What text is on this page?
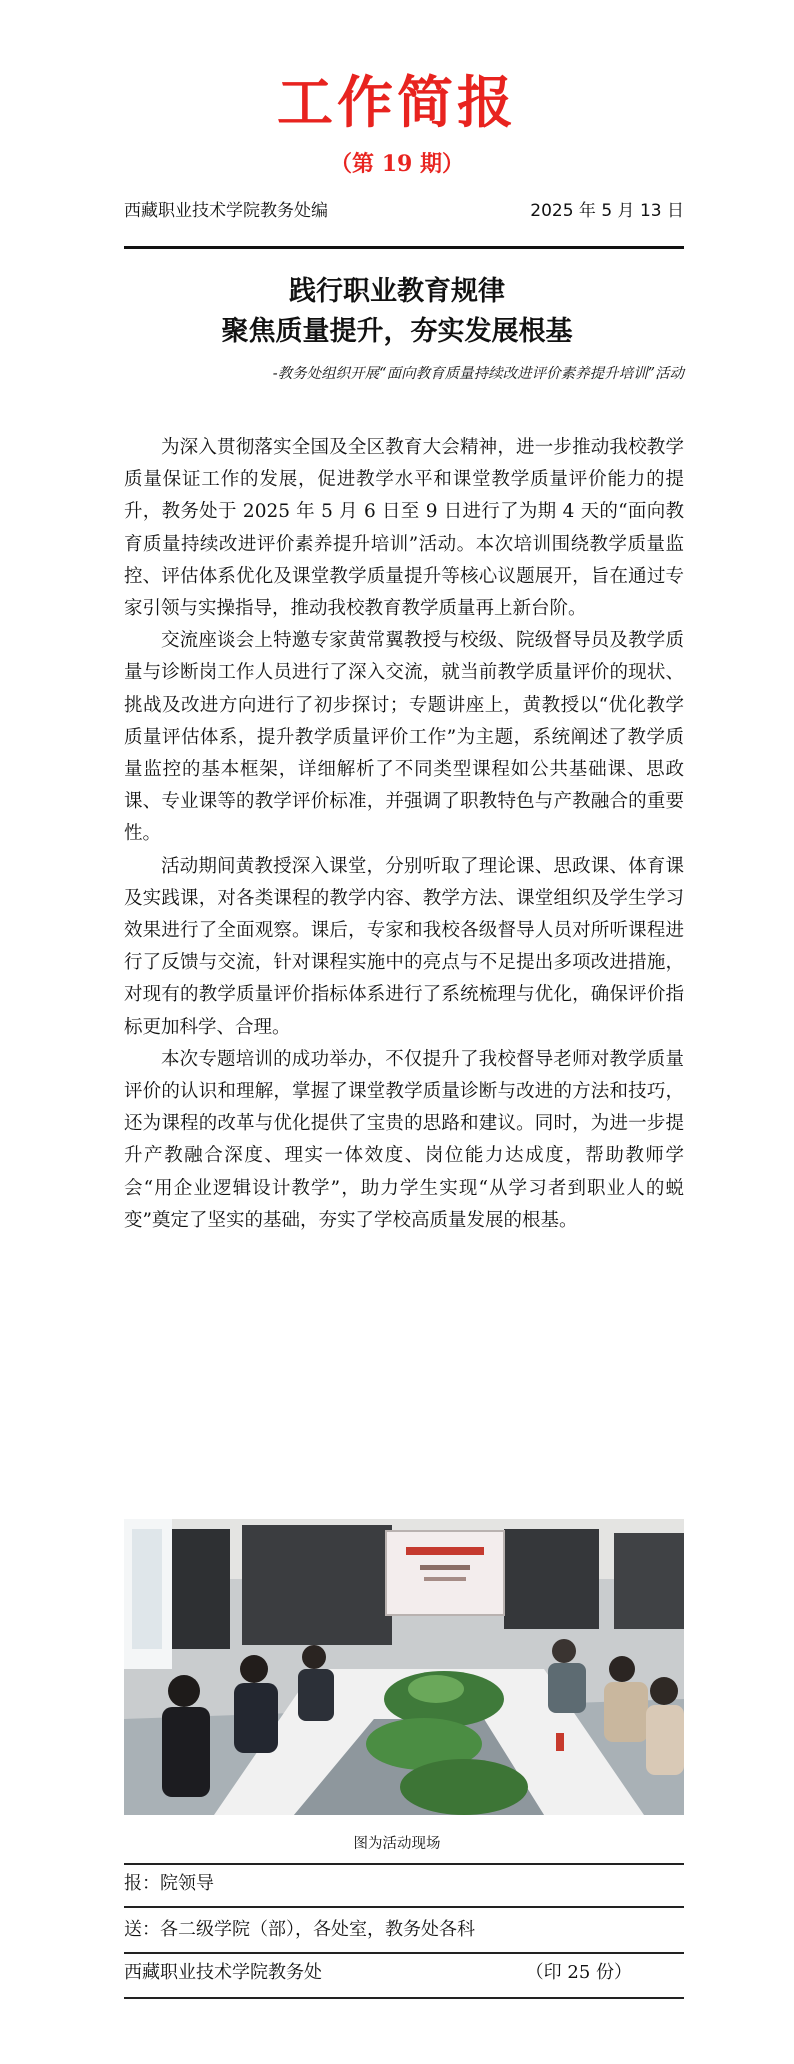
工作简报
（第 19 期）
西藏职业技术学院教务处编	2025 年 5 月 13 日
践行职业教育规律
聚焦质量提升，夯实发展根基
-教务处组织开展“面向教育质量持续改进评价素养提升培训”活动

为深入贯彻落实全国及全区教育大会精神，进一步推动我校教学质量保证工作的发展，促进教学水平和课堂教学质量评价能力的提升，教务处于 2025 年 5 月 6 日至 9 日进行了为期 4 天的“面向教育质量持续改进评价素养提升培训”活动。本次培训围绕教学质量监控、评估体系优化及课堂教学质量提升等核心议题展开，旨在通过专家引领与实操指导，推动我校教育教学质量再上新台阶。

交流座谈会上特邀专家黄常翼教授与校级、院级督导员及教学质量与诊断岗工作人员进行了深入交流，就当前教学质量评价的现状、挑战及改进方向进行了初步探讨；专题讲座上，黄教授以“优化教学质量评估体系，提升教学质量评价工作”为主题，系统阐述了教学质量监控的基本框架，详细解析了不同类型课程如公共基础课、思政课、专业课等的教学评价标准，并强调了职教特色与产教融合的重要性。

活动期间黄教授深入课堂，分别听取了理论课、思政课、体育课及实践课，对各类课程的教学内容、教学方法、课堂组织及学生学习效果进行了全面观察。课后，专家和我校各级督导人员对所听课程进行了反馈与交流，针对课程实施中的亮点与不足提出多项改进措施，对现有的教学质量评价指标体系进行了系统梳理与优化，确保评价指标更加科学、合理。

本次专题培训的成功举办，不仅提升了我校督导老师对教学质量评价的认识和理解，掌握了课堂教学质量诊断与改进的方法和技巧，还为课程的改革与优化提供了宝贵的思路和建议。同时，为进一步提升产教融合深度、理实一体效度、岗位能力达成度，帮助教师学会“用企业逻辑设计教学”，助力学生实现“从学习者到职业人的蜕变”奠定了坚实的基础，夯实了学校高质量发展的根基。

图为活动现场
报：院领导
送：各二级学院（部），各处室，教务处各科
西藏职业技术学院教务处	（印 25 份）
